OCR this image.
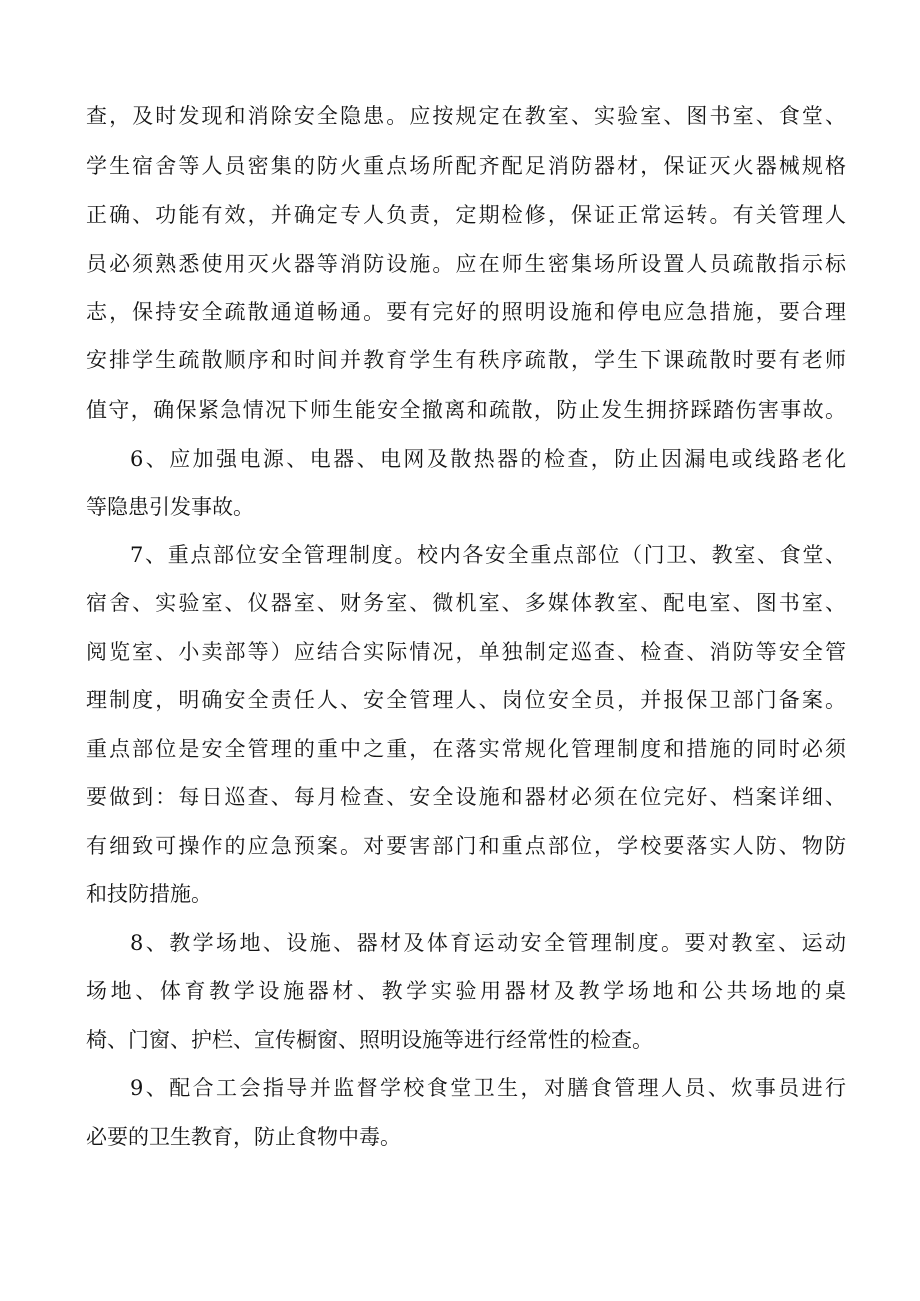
查，及时发现和消除安全隐患。应按规定在教室、实验室、图书室、食堂、
学生宿舍等人员密集的防火重点场所配齐配足消防器材，保证灭火器械规格
正确、功能有效，并确定专人负责，定期检修，保证正常运转。有关管理人
员必须熟悉使用灭火器等消防设施。应在师生密集场所设置人员疏散指示标
志，保持安全疏散通道畅通。要有完好的照明设施和停电应急措施，要合理
安排学生疏散顺序和时间并教育学生有秩序疏散，学生下课疏散时要有老师
值守，确保紧急情况下师生能安全撤离和疏散，防止发生拥挤踩踏伤害事故。
6、应加强电源、电器、电网及散热器的检查，防止因漏电或线路老化
等隐患引发事故。
7、重点部位安全管理制度。校内各安全重点部位（门卫、教室、食堂、
宿舍、实验室、仪器室、财务室、微机室、多媒体教室、配电室、图书室、
阅览室、小卖部等）应结合实际情况，单独制定巡查、检查、消防等安全管
理制度，明确安全责任人、安全管理人、岗位安全员，并报保卫部门备案。
重点部位是安全管理的重中之重，在落实常规化管理制度和措施的同时必须
要做到：每日巡查、每月检查、安全设施和器材必须在位完好、档案详细、
有细致可操作的应急预案。对要害部门和重点部位，学校要落实人防、物防
和技防措施。
8、教学场地、设施、器材及体育运动安全管理制度。要对教室、运动
场地、体育教学设施器材、教学实验用器材及教学场地和公共场地的桌
椅、门窗、护栏、宣传橱窗、照明设施等进行经常性的检查。
9、配合工会指导并监督学校食堂卫生，对膳食管理人员、炊事员进行
必要的卫生教育，防止食物中毒。
